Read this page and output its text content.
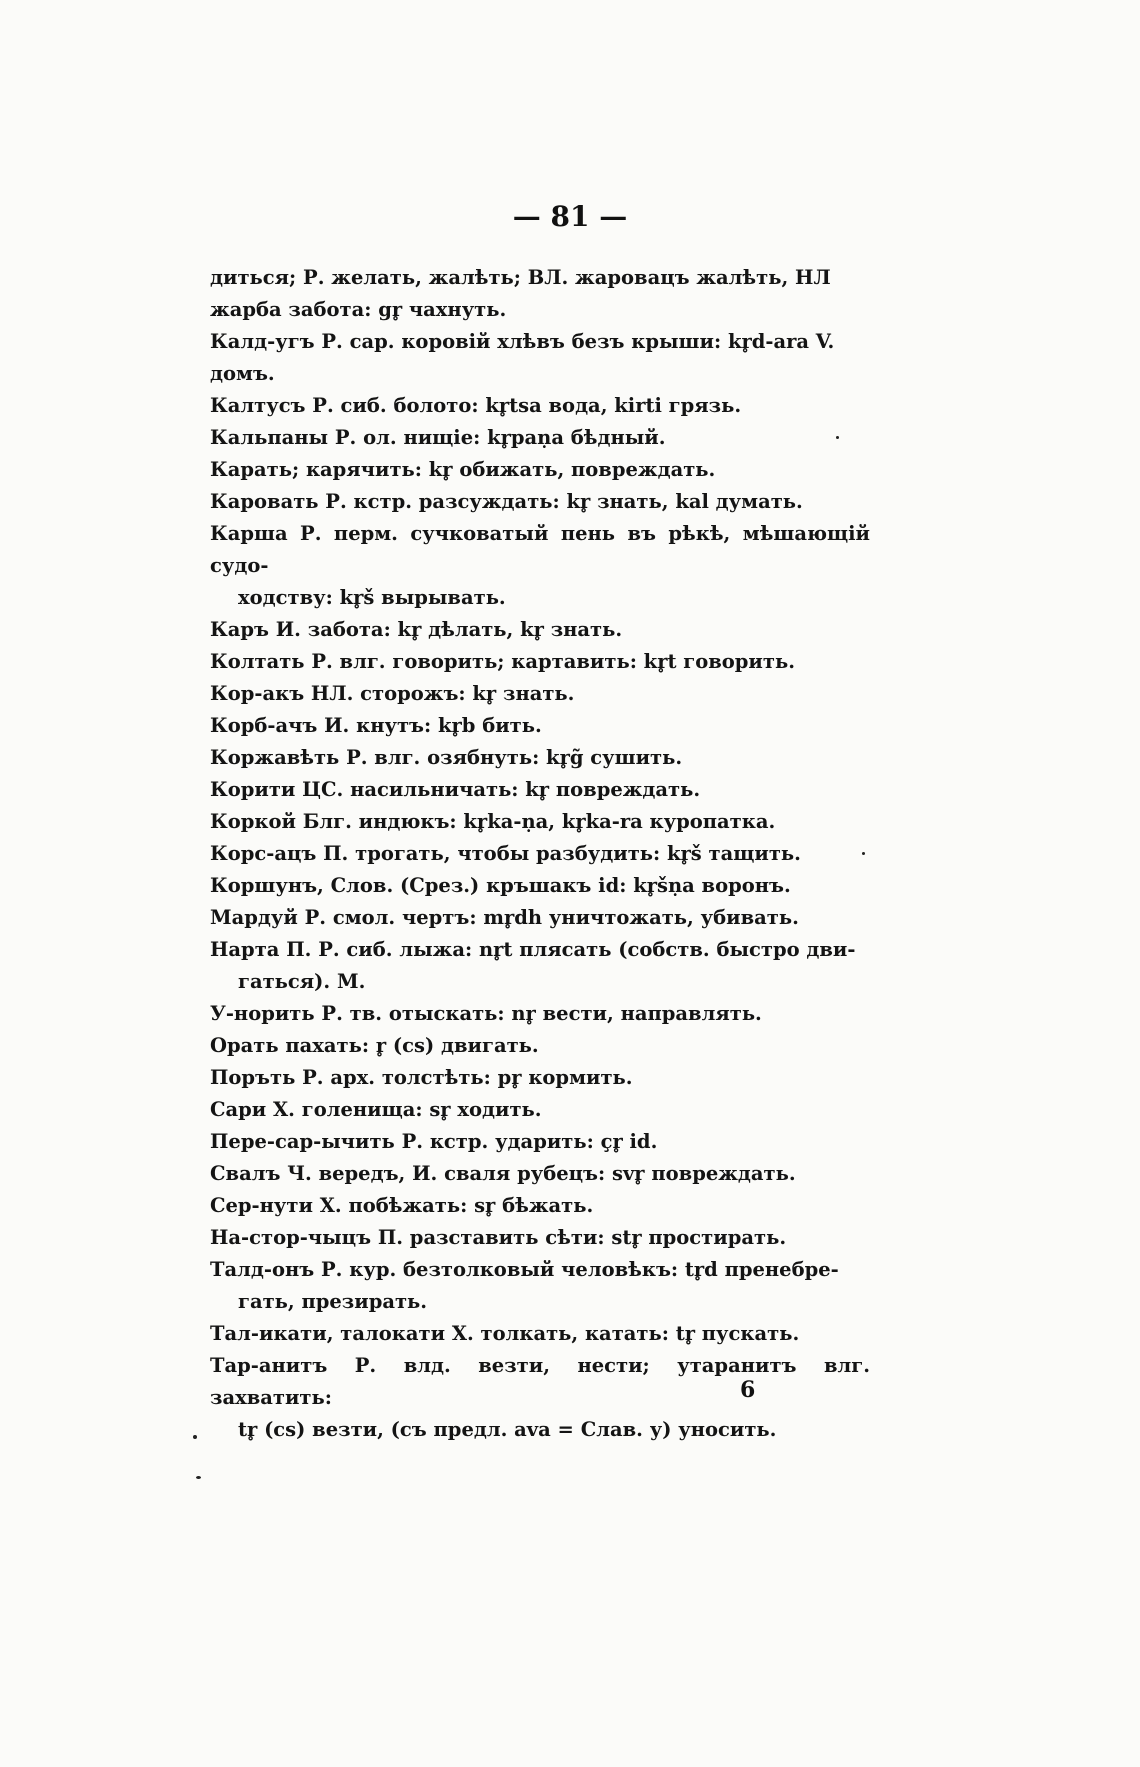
— 81 —
диться; Р. желать, жалѣть; ВЛ. жаровацъ жалѣть, НЛ
жарба забота: gr̥ чахнуть.
Калд-угъ Р. сар. коровій хлѣвъ безъ крыши: kr̥d-ara V.
домъ.
Калтусъ Р. сиб. болото: kr̥tsa вода, kirti грязь.
Кальпаны Р. ол. нищіе: kr̥paṇa бѣдный.
Карать; карячить: kr̥ обижать, повреждать.
Каровать Р. кстр. разсуждать: kr̥ знать, kal думать.
Карша Р. перм. сучковатый пень въ рѣкѣ, мѣшающій судо-
ходству: kr̥š вырывать.
Каръ И. забота: kr̥ дѣлать, kr̥ знать.
Колтать Р. влг. говорить; картавить: kr̥t говорить.
Кор-акъ НЛ. сторожъ: kr̥ знать.
Корб-ачъ И. кнутъ: kr̥b бить.
Коржавѣть Р. влг. озябнуть: kr̥g̃ сушить.
Корити ЦС. насильничать: kr̥ повреждать.
Коркой Блг. индюкъ: kr̥ka-ṇa, kr̥ka-ra куропатка.
Корс-ацъ П. трогать, чтобы разбудить: kr̥š тащить.
Коршунъ, Слов. (Срез.) кръшакъ id: kr̥šṇa воронъ.
Мардуй Р. смол. чертъ: mr̥dh уничтожать, убивать.
Нарта П. Р. сиб. лыжа: nr̥t плясать (собств. быстро дви-
гаться). М.
У-норить Р. тв. отыскать: nr̥ вести, направлять.
Орать пахать: r̥ (cs) двигать.
Поръть Р. арх. толстѣть: pr̥ кормить.
Сари Х. голенища: sr̥ ходить.
Пере-сар-ычить Р. кстр. ударить: çr̥ id.
Свалъ Ч. вередъ, И. сваля рубецъ: svr̥ повреждать.
Сер-нути Х. побѣжать: sr̥ бѣжать.
На-стор-чыцъ П. разставить сѣти: str̥ простирать.
Талд-онъ Р. кур. безтолковый человѣкъ: tr̥d пренебре-
гать, презирать.
Тал-икати, талокати Х. толкать, катать: tr̥ пускать.
Тар-анитъ Р. влд. везти, нести; утаранитъ влг. захватить:
tr̥ (cs) везти, (съ предл. ava = Слав. у) уносить.
6
